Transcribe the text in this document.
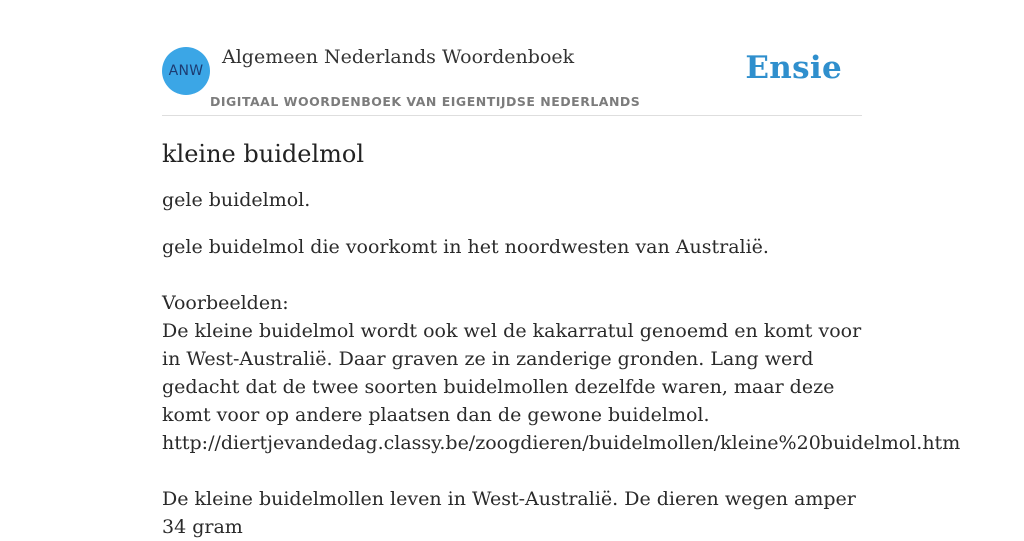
ANW
Algemeen Nederlands Woordenboek
DIGITAAL WOORDENBOEK VAN EIGENTIJDSE NEDERLANDS
Ensie
kleine buidelmol

gele buidelmol.

gele buidelmol die voorkomt in het noordwesten van Australië.

Voorbeelden:
De kleine buidelmol wordt ook wel de kakarratul genoemd en komt voor in West-Australië. Daar graven ze in zanderige gronden. Lang werd gedacht dat de twee soorten buidelmollen dezelfde waren, maar deze komt voor op andere plaatsen dan de gewone buidelmol.
http://diertjevandedag.classy.be/zoogdieren/buidelmollen/kleine%20buidelmol.htm
De kleine buidelmollen leven in West-Australië. De dieren wegen amper 34 gram
